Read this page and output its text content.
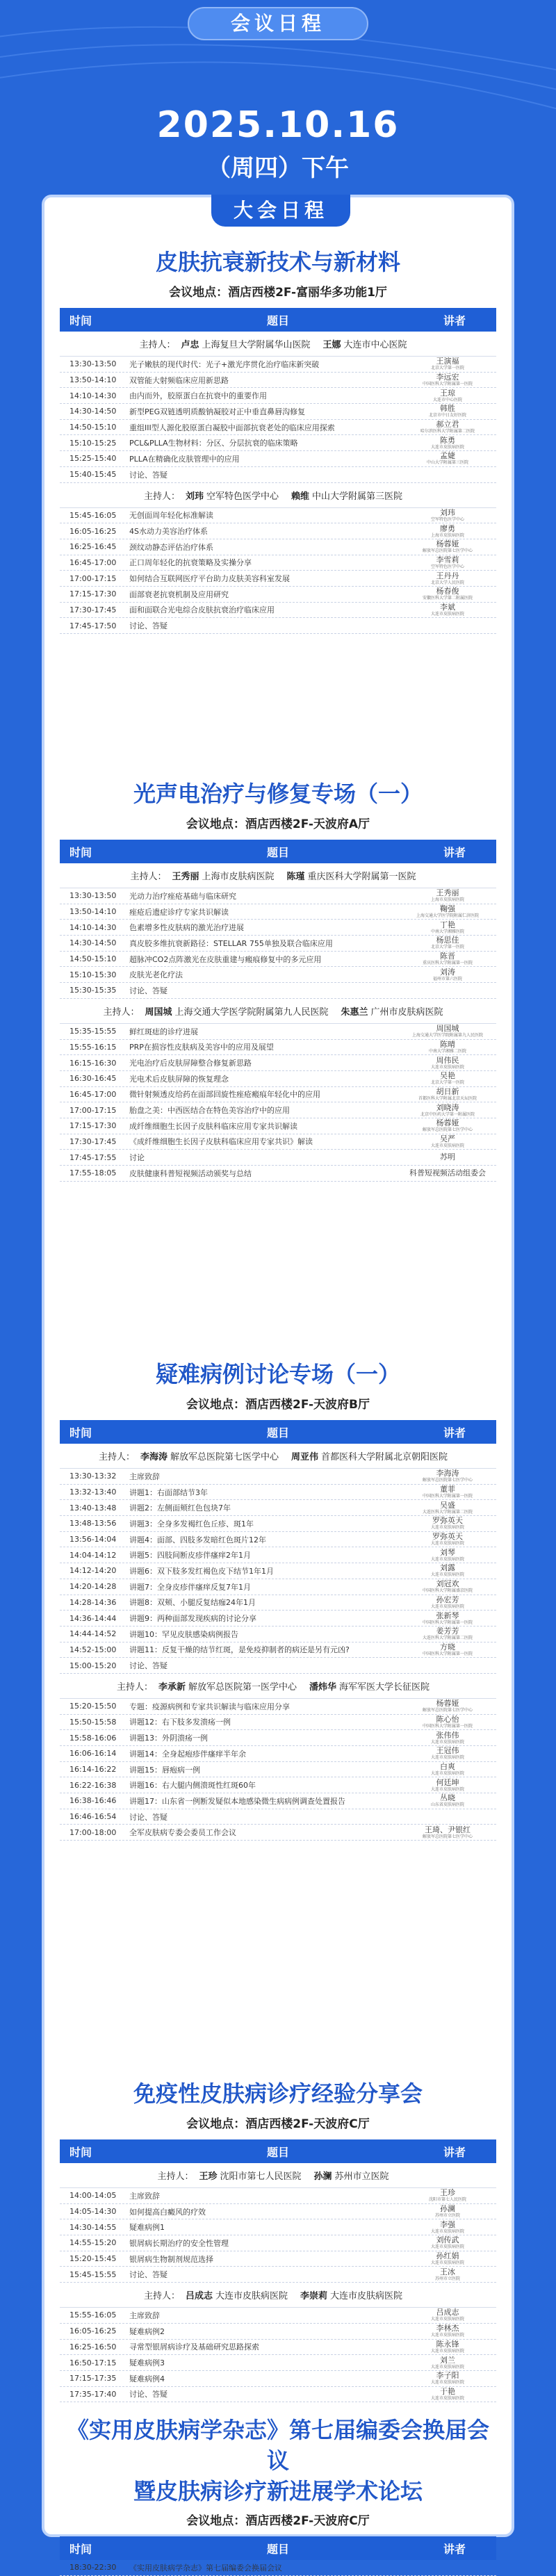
会议日程
2025.10.16
（周四）下午
大会日程
皮肤抗衰新技术与新材料
会议地点：酒店西楼2F-富丽华多功能1厅
时间	题目	讲者
主持人： 卢忠 上海复旦大学附属华山医院 王娜 大连市中心医院
13:30-13:50	光子嫩肤的现代时代：光子+激光序贯化治疗临床新突破	王演福
北京大学第一医院
13:50-14:10	双管能大射频临床应用新思路	李远宏
中国医科大学附属第一医院
14:10-14:30	由内而外，胶原蛋白在抗衰中的重要作用	王琼
大连市中心医院
14:30-14:50	新型PEG双链透明质酸钠凝胶对正中垂直鼻唇沟修复	韩胜
北京市中日友好医院
14:50-15:10	重组III型人源化胶原蛋白凝胶中面部抗衰老处的临床应用探索	郝立君
哈尔滨医科大学附属第二医院
15:10-15:25	PCL&PLLA生物材料：分区、分层抗衰的临床策略	陈勇
大连市皮肤病医院
15:25-15:40	PLLA在精确化皮肤管理中的应用	孟婕
中山大学附属第三医院
15:40-15:45	讨论、答疑
主持人： 刘玮 空军特色医学中心 赖维 中山大学附属第三医院
15:45-16:05	无创面周年轻化标准解读	刘玮
空军特色医学中心
16:05-16:25	4S水动力美容治疗体系	廖勇
上海市皮肤病医院
16:25-16:45	颈纹动静态评估治疗体系	杨蓉娅
解放军总医院第七医学中心
16:45-17:00	正口周年轻化的抗衰策略及实操分享	李雪莉
空军特色医学中心
17:00-17:15	如何结合互联网医疗平台助力皮肤美容科室发展	王丹丹
北京大学人民医院
17:15-17:30	面部衰老抗衰机制及应用研究	杨春俊
安徽医科大学第二附属医院
17:30-17:45	面和面联合光电综合皮肤抗衰治疗临床应用	李斌
大连市皮肤病医院
17:45-17:50	讨论、答疑
光声电治疗与修复专场（一）
会议地点：酒店西楼2F-天波府A厅
时间	题目	讲者
主持人： 王秀丽 上海市皮肤病医院 陈瑾 重庆医科大学附属第一医院
13:30-13:50	光动力治疗痤疮基础与临床研究	王秀丽
上海市皮肤病医院
13:50-14:10	痤疮后遗症诊疗专家共识解读	鞠强
上海交通大学医学院附属仁济医院
14:10-14:30	色素增多性皮肤病的激光治疗进展	丁艳
中南大学湘雅医院
14:30-14:50	真皮胶多维抗衰新路径：STELLAR 755单独及联合临床应用	杨思佳
北京大学第一医院
14:50-15:10	超脉冲CO2点阵激光在皮肤重建与瘢痕修复中的多元应用	陈晋
重庆医科大学附属第一医院
15:10-15:30	皮肤光老化疗法	刘涛
福州市第六医院
15:30-15:35	讨论、答疑
主持人： 周国城 上海交通大学医学院附属第九人民医院 朱惠兰 广州市皮肤病医院
15:35-15:55	鲜红斑痣的诊疗进展	周国城
上海交通大学医学院附属第九人民医院
15:55-16:15	PRP在损容性皮肤病及美容中的应用及展望	陈晴
中南大学湘雅二医院
16:15-16:30	光电治疗后皮肤屏障整合修复新思路	周伟民
大连市皮肤病医院
16:30-16:45	光电术后皮肤屏障的恢复理念	吴艳
北京大学第一医院
16:45-17:00	微针射频透皮给药在面部回旋性痤疮瘢痕年轻化中的应用	胡日新
首都医科大学附属北京天坛医院
17:00-17:15	胎盘之美：中西医结合在特色美容治疗中的应用	刘晓涛
北京中医药大学第一附属医院
17:15-17:30	成纤维细胞生长因子皮肤科临床应用专家共识解读	杨蓉娅
解放军总医院第七医学中心
17:30-17:45	《成纤维细胞生长因子皮肤科临床应用专家共识》解读	吴严
大连市皮肤病医院
17:45-17:55	讨论	苏明
17:55-18:05	皮肤健康科普短视频活动颁奖与总结	科普短视频活动组委会
疑难病例讨论专场（一）
会议地点：酒店西楼2F-天波府B厅
时间	题目	讲者
主持人： 李海涛 解放军总医院第七医学中心 周亚伟 首都医科大学附属北京朝阳医院
13:30-13:32	主席致辞	李海涛
解放军总医院第七医学中心
13:32-13:40	讲题1：右面部结节3年	董菲
中国医科大学附属第一医院
13:40-13:48	讲题2：左侧面颊红色包块7年	吴盛
大连医科大学附属第二医院
13:48-13:56	讲题3：全身多发褐红色丘疹、斑1年	罗弥英天
大连市皮肤病医院
13:56-14:04	讲题4：面部、四肢多发暗红色斑片12年	罗弥英天
大连市皮肤病医院
14:04-14:12	讲题5：四肢间断皮疹伴瘙痒2年1月	刘琴
大连市皮肤病医院
14:12-14:20	讲题6：双下肢多发红褐色皮下结节1年1月	刘露
大连市皮肤病医院
14:20-14:28	讲题7：全身皮疹伴瘙痒反复7年1月	刘冠欢
中国医科大学附属盛京医院
14:28-14:36	讲题8：双颊、小腿反复结痂24年1月	孙宏芳
大连市皮肤病医院
14:36-14:44	讲题9：两种面部发现疾病的讨论分享	张新琴
中国医科大学附属第一医院
14:44-14:52	讲题10：罕见皮肤感染病例报告	姜芳芳
大连医科大学附属第二医院
14:52-15:00	讲题11：反复干燥的结节红斑，是免疫抑制者的病还是另有元凶?	方晓
中国医科大学附属第一医院
15:00-15:20	讨论、答疑
主持人： 李承新 解放军总医院第一医学中心 潘炜华 海军军医大学长征医院
15:20-15:50	专题：疫源病例和专家共识解读与临床应用分享	杨蓉娅
解放军总医院第七医学中心
15:50-15:58	讲题12：右下肢多发溃疡一例	陈心怡
中国医科大学附属第一医院
15:58-16:06	讲题13：外阴溃疡一例	张伟伟
大连市皮肤病医院
16:06-16:14	讲题14：全身起疱疹伴瘙痒半年余	王冠伟
大连市皮肤病医院
16:14-16:22	讲题15：唇疱病一例	白爽
大连市皮肤病医院
16:22-16:38	讲题16：右大腿内侧溃斑性红斑60年	何廷坤
大连市皮肤病医院
16:38-16:46	讲题17：山东省一例断发疑似本地感染微生病病例调查处置报告	丛晓
山东省皮肤病医院
16:46-16:54	讨论、答疑
17:00-18:00	全军皮肤病专委会委员工作会议	王琦、尹银红
解放军总医院第七医学中心
免疫性皮肤病诊疗经验分享会
会议地点：酒店西楼2F-天波府C厅
时间	题目	讲者
主持人： 王珍 沈阳市第七人民医院 孙澜 苏州市立医院
14:00-14:05	主席致辞	王珍
沈阳市第七人民医院
14:05-14:30	如何提高白癜风的疗效	孙澜
苏州市立医院
14:30-14:55	疑难病例1	李强
大连市皮肤病医院
14:55-15:20	银屑病长期治疗的安全性管理	刘传武
大连市皮肤病医院
15:20-15:45	银屑病生物制剂规范选择	孙红娟
大连市皮肤病医院
15:45-15:55	讨论、答疑	王冰
苏州市立医院
主持人： 吕成志 大连市皮肤病医院 李崇莉 大连市皮肤病医院
15:55-16:05	主席致辞	吕成志
大连市皮肤病医院
16:05-16:25	疑难病例2	李林杰
大连市皮肤病医院
16:25-16:50	寻常型银屑病诊疗及基础研究思路探索	陈永锋
大连市皮肤病医院
16:50-17:15	疑难病例3	刘兰
大连市皮肤病医院
17:15-17:35	疑难病例4	李子阳
大连市皮肤病医院
17:35-17:40	讨论、答疑	于艳
大连市皮肤病医院
《实用皮肤病学杂志》第七届编委会换届会议
暨皮肤病诊疗新进展学术论坛
会议地点：酒店西楼2F-天波府C厅
时间	题目	讲者
18:30-22:30	《实用皮肤病学杂志》第七届编委会换届会议
